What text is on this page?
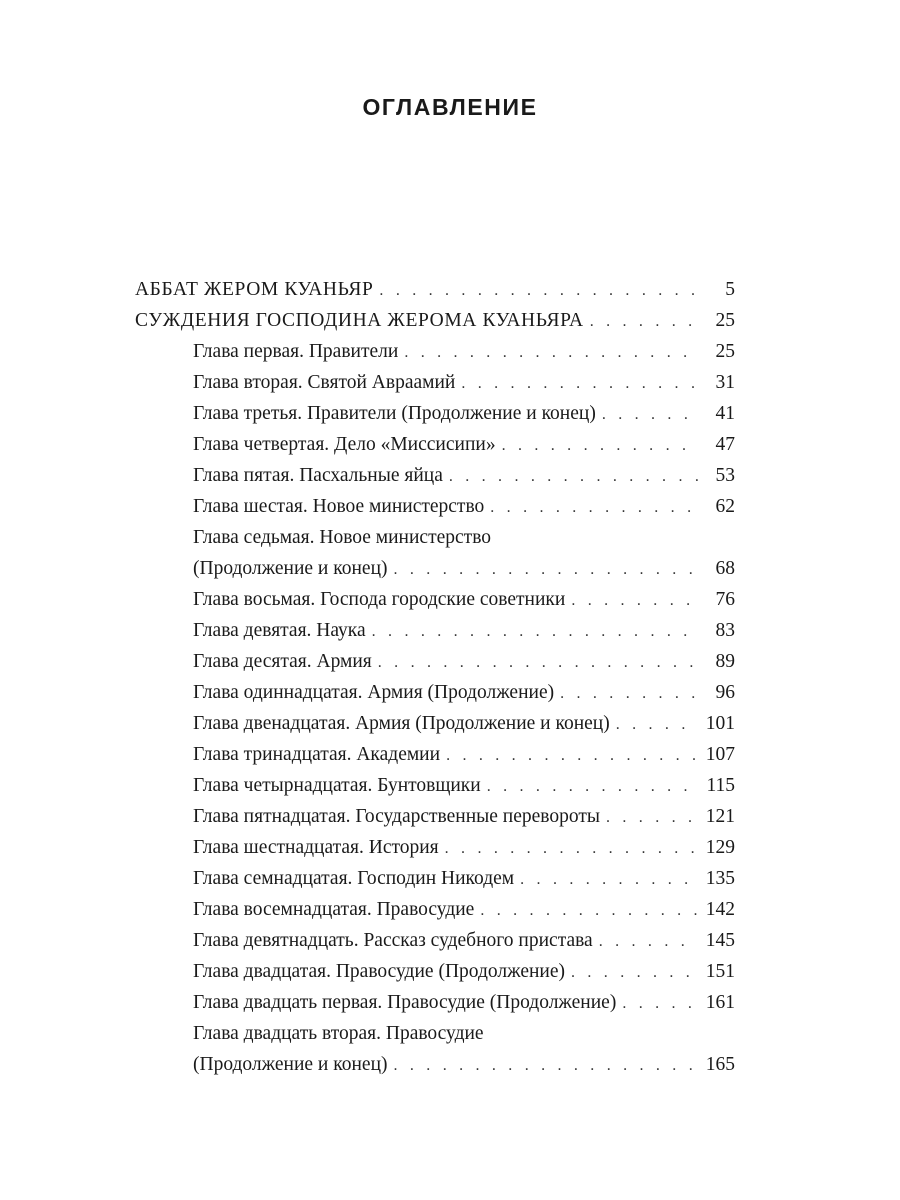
ОГЛАВЛЕНИЕ
АББАТ ЖЕРОМ КУАНЬЯР . . .	5
СУЖДЕНИЯ ГОСПОДИНА ЖЕРОМА КУАНЬЯРА . . .	25
Глава первая. Правители . . .	25
Глава вторая. Святой Авраамий . . .	31
Глава третья. Правители (Продолжение и конец) . . .	41
Глава четвертая. Дело «Миссисипи» . . .	47
Глава пятая. Пасхальные яйца . . .	53
Глава шестая. Новое министерство . . .	62
Глава седьмая. Новое министерство
(Продолжение и конец) . . .	68
Глава восьмая. Господа городские советники . . .	76
Глава девятая. Наука . . .	83
Глава десятая. Армия . . .	89
Глава одиннадцатая. Армия (Продолжение) . . .	96
Глава двенадцатая. Армия (Продолжение и конец) . . .	101
Глава тринадцатая. Академии . . .	107
Глава четырнадцатая. Бунтовщики . . .	115
Глава пятнадцатая. Государственные перевороты . . .	121
Глава шестнадцатая. История . . .	129
Глава семнадцатая. Господин Никодем . . .	135
Глава восемнадцатая. Правосудие . . .	142
Глава девятнадцать. Рассказ судебного пристава . . .	145
Глава двадцатая. Правосудие (Продолжение) . . .	151
Глава двадцать первая. Правосудие (Продолжение) . . .	161
Глава двадцать вторая. Правосудие
(Продолжение и конец) . . .	165
